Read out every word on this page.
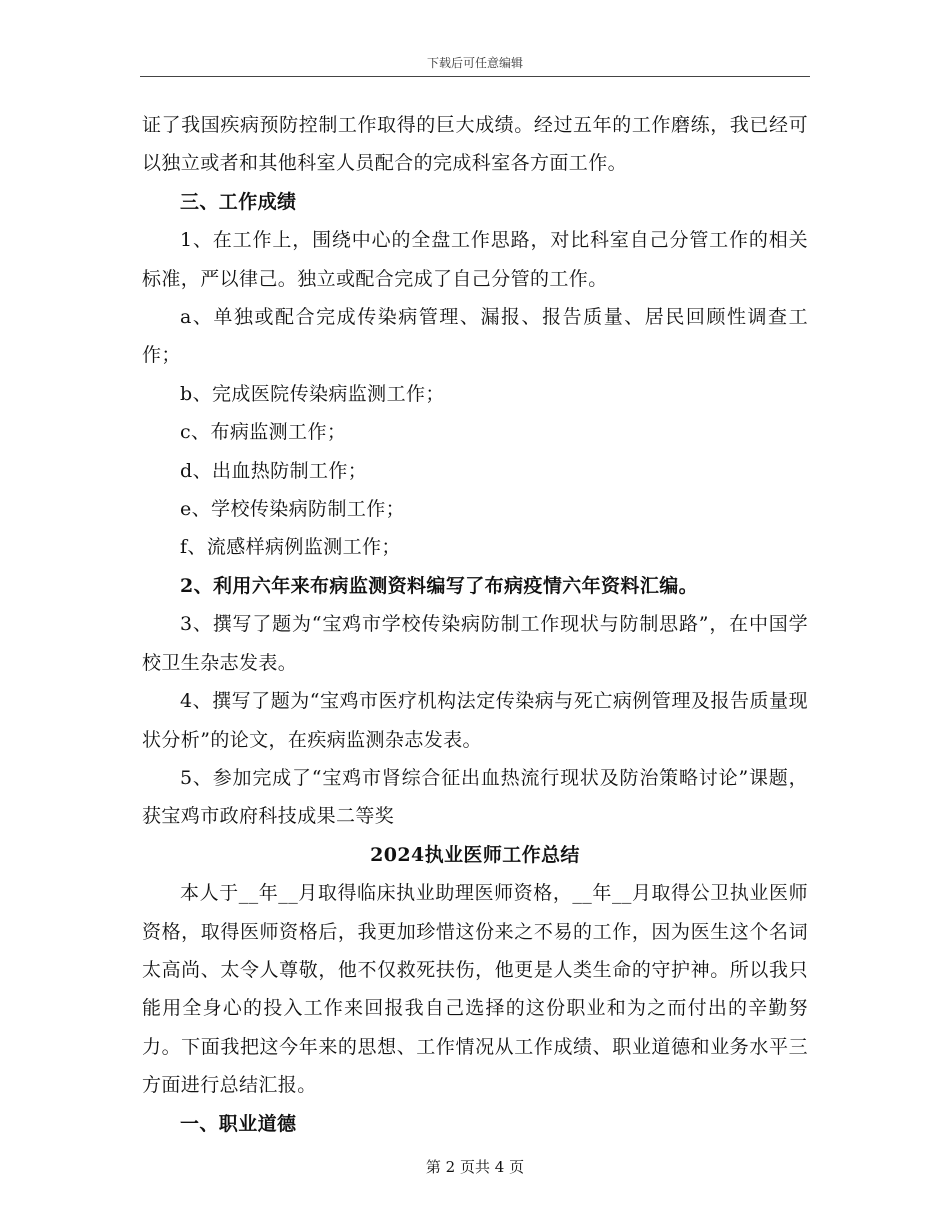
下载后可任意编辑

证了我国疾病预防控制工作取得的巨大成绩。经过五年的工作磨练，我已经可以独立或者和其他科室人员配合的完成科室各方面工作。

三、工作成绩

1、在工作上，围绕中心的全盘工作思路，对比科室自己分管工作的相关标准，严以律己。独立或配合完成了自己分管的工作。

a、单独或配合完成传染病管理、漏报、报告质量、居民回顾性调查工作；

b、完成医院传染病监测工作；

c、布病监测工作；

d、出血热防制工作；

e、学校传染病防制工作；

f、流感样病例监测工作；

2、利用六年来布病监测资料编写了布病疫情六年资料汇编。

3、撰写了题为“宝鸡市学校传染病防制工作现状与防制思路”，在中国学校卫生杂志发表。

4、撰写了题为“宝鸡市医疗机构法定传染病与死亡病例管理及报告质量现状分析”的论文，在疾病监测杂志发表。

5、参加完成了“宝鸡市肾综合征出血热流行现状及防治策略讨论”课题，获宝鸡市政府科技成果二等奖

2024执业医师工作总结

本人于__年__月取得临床执业助理医师资格，__年__月取得公卫执业医师资格，取得医师资格后，我更加珍惜这份来之不易的工作，因为医生这个名词太高尚、太令人尊敬，他不仅救死扶伤，他更是人类生命的守护神。所以我只能用全身心的投入工作来回报我自己选择的这份职业和为之而付出的辛勤努力。下面我把这今年来的思想、工作情况从工作成绩、职业道德和业务水平三方面进行总结汇报。

一、职业道德

第 2 页共 4 页
